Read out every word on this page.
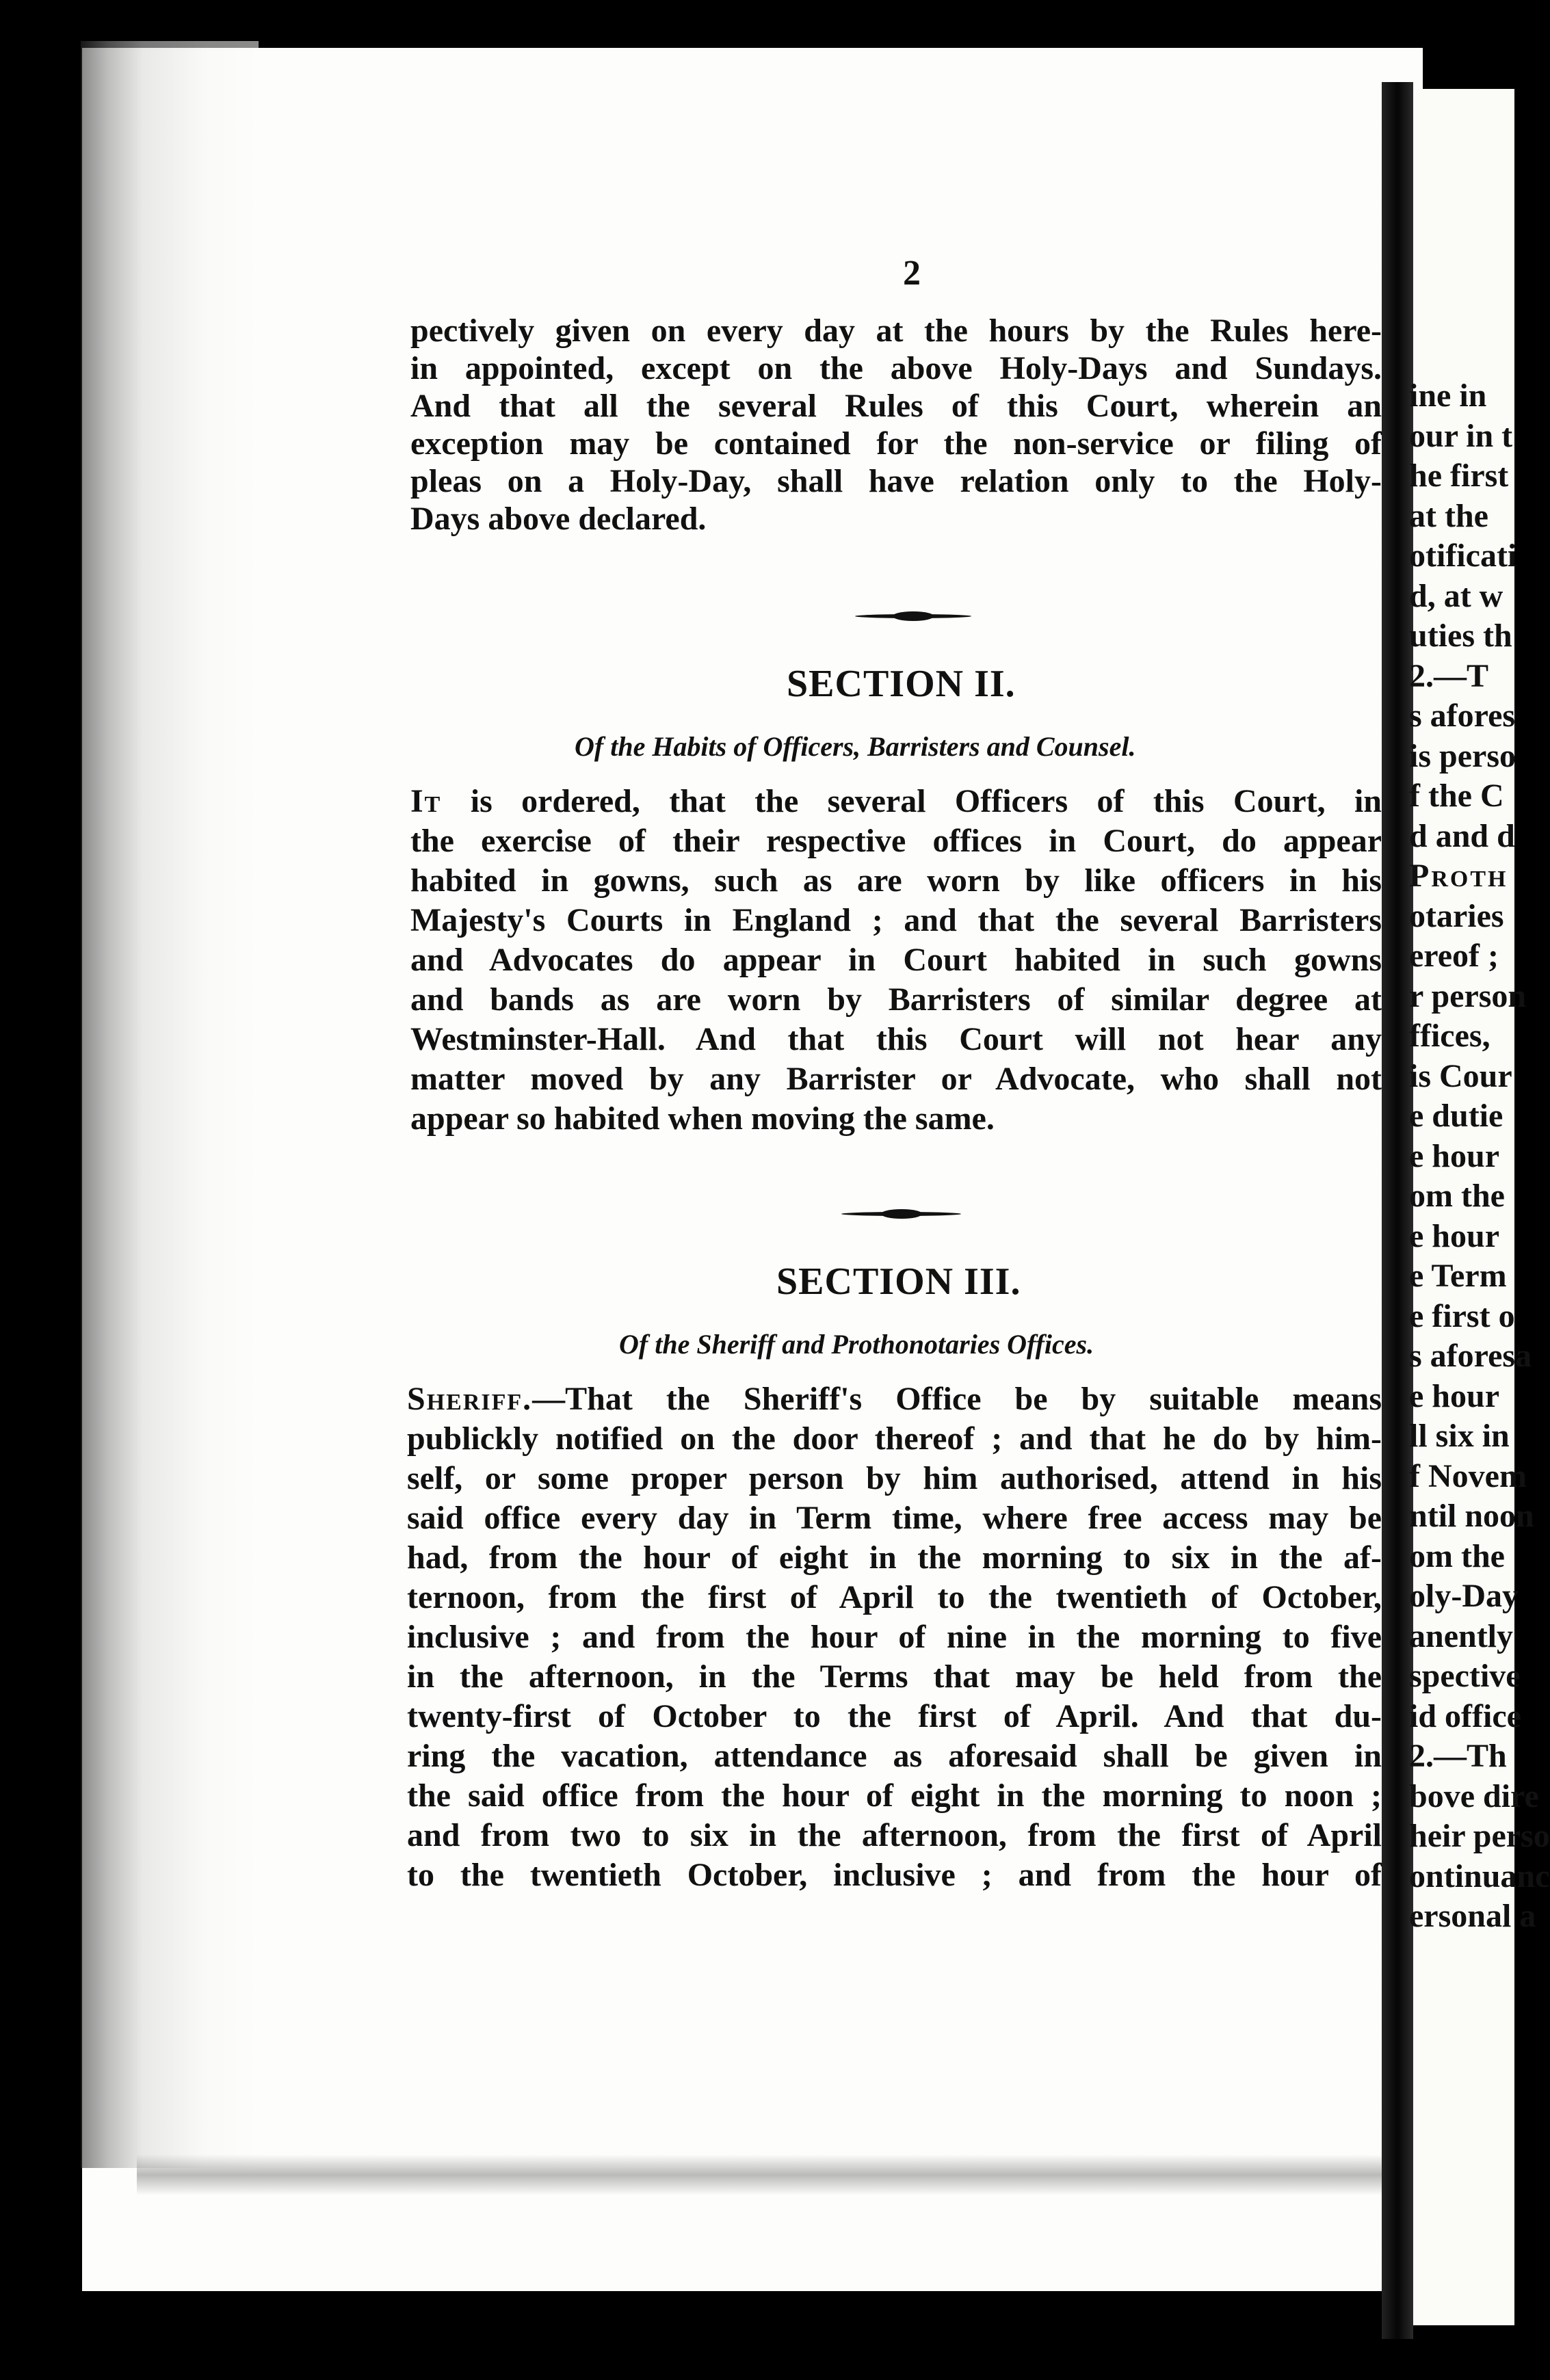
ine in
our in t
he first
at the
otificati
d, at w
uties th
2.—T
s afores
is perso
f the C
d and d
Proth
otaries
ereof ;
r person
ffices,
is Cour
e dutie
e hour
om the
e hour
e Term
e first o
s aforesa
e hour
ll six in
f Novem
ntil noon
om the
oly-Day
anently
spective
id office
2.—Th
bove dire
heir perso
ontinuanc
ersonal a
2
pectively given on every day at the hours by the Rules here-
in appointed, except on the above Holy-Days and Sundays.
And that all the several Rules of this Court, wherein an
exception may be contained for the non-service or filing of
pleas on a Holy-Day, shall have relation only to the Holy-
Days above declared.
SECTION II.
Of the Habits of Officers, Barristers and Counsel.
It is ordered, that the several Officers of this Court, in
the exercise of their respective offices in Court, do appear
habited in gowns, such as are worn by like officers in his
Majesty's Courts in England ; and that the several Barristers
and Advocates do appear in Court habited in such gowns
and bands as are worn by Barristers of similar degree at
Westminster-Hall. And that this Court will not hear any
matter moved by any Barrister or Advocate, who shall not
appear so habited when moving the same.
SECTION III.
Of the Sheriff and Prothonotaries Offices.
Sheriff.—That the Sheriff's Office be by suitable means
publickly notified on the door thereof ; and that he do by him-
self, or some proper person by him authorised, attend in his
said office every day in Term time, where free access may be
had, from the hour of eight in the morning to six in the af-
ternoon, from the first of April to the twentieth of October,
inclusive ; and from the hour of nine in the morning to five
in the afternoon, in the Terms that may be held from the
twenty-first of October to the first of April. And that du-
ring the vacation, attendance as aforesaid shall be given in
the said office from the hour of eight in the morning to noon ;
and from two to six in the afternoon, from the first of April
to the twentieth October, inclusive ; and from the hour of
